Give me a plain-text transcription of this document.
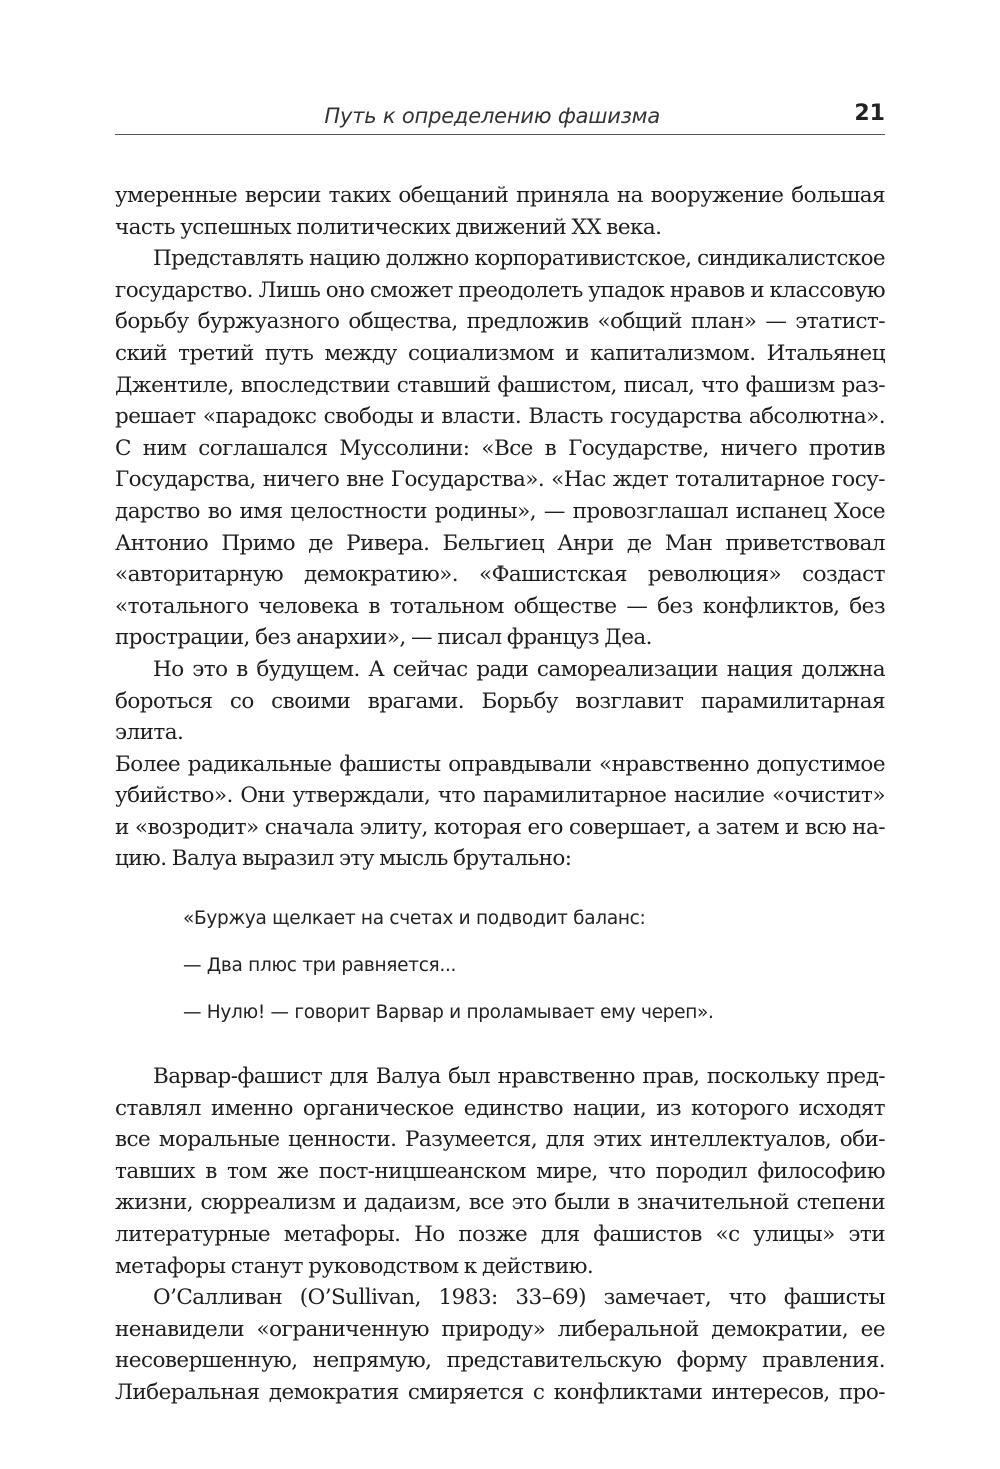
Путь к определению фашизма	21

умеренные версии таких обещаний приняла на вооружение большая

часть успешных политических движений XX века.

Представлять нацию должно корпоративистское, синдикалистское

государство. Лишь оно сможет преодолеть упадок нравов и классовую

борьбу буржуазного общества, предложив «общий план» — этатист-

ский третий путь между социализмом и капитализмом. Итальянец

Джентиле, впоследствии ставший фашистом, писал, что фашизм раз-

решает «парадокс свободы и власти. Власть государства абсолютна».

С ним соглашался Муссолини: «Все в Государстве, ничего против

Государства, ничего вне Государства». «Нас ждет тоталитарное госу-

дарство во имя целостности родины», — провозглашал испанец Хосе

Антонио Примо де Ривера. Бельгиец Анри де Ман приветствовал

«авторитарную демократию». «Фашистская революция» создаст

«тотального человека в тотальном обществе — без конфликтов, без

прострации, без анархии», — писал француз Деа.

Но это в будущем. А сейчас ради самореализации нация должна

бороться со своими врагами. Борьбу возглавит парамилитарная элита.

Более радикальные фашисты оправдывали «нравственно допустимое

убийство». Они утверждали, что парамилитарное насилие «очистит»

и «возродит» сначала элиту, которая его совершает, а затем и всю на-

цию. Валуа выразил эту мысль брутально:

«Буржуа щелкает на счетах и подводит баланс:
— Два плюс три равняется...
— Нулю! — говорит Варвар и проламывает ему череп».

Варвар-фашист для Валуа был нравственно прав, поскольку пред-

ставлял именно органическое единство нации, из которого исходят

все моральные ценности. Разумеется, для этих интеллектуалов, оби-

тавших в том же пост-ницшеанском мире, что породил философию

жизни, сюрреализм и дадаизм, все это были в значительной степени

литературные метафоры. Но позже для фашистов «с улицы» эти

метафоры станут руководством к действию.

О’Салливан (O’Sullivan, 1983: 33–69) замечает, что фашисты

ненавидели «ограниченную природу» либеральной демократии, ее

несовершенную, непрямую, представительскую форму правления.

Либеральная демократия смиряется с конфликтами интересов, про-
